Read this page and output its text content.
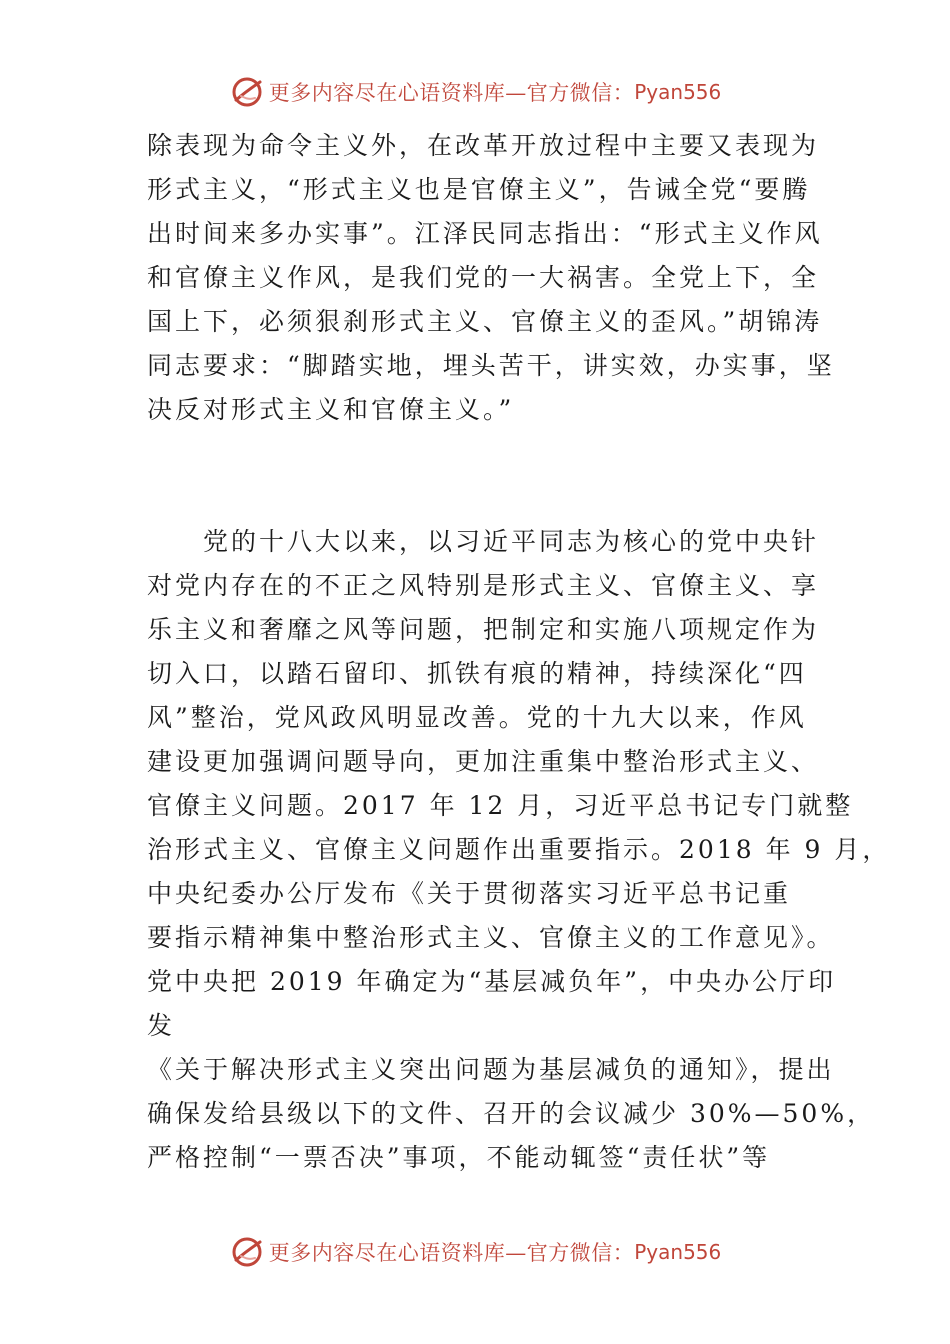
更多内容尽在心语资料库—官方微信： Pyan556
除表现为命令主义外，在改革开放过程中主要又表现为
形式主义，“形式主义也是官僚主义”，告诫全党“要腾
出时间来多办实事”。江泽民同志指出：“形式主义作风
和官僚主义作风，是我们党的一大祸害。全党上下，全
国上下，必须狠刹形式主义、官僚主义的歪风。”胡锦涛
同志要求：“脚踏实地，埋头苦干，讲实效，办实事，坚
决反对形式主义和官僚主义。”
　　党的十八大以来，以习近平同志为核心的党中央针
对党内存在的不正之风特别是形式主义、官僚主义、享
乐主义和奢靡之风等问题，把制定和实施八项规定作为
切入口，以踏石留印、抓铁有痕的精神，持续深化“四
风”整治，党风政风明显改善。党的十九大以来，作风
建设更加强调问题导向，更加注重集中整治形式主义、
官僚主义问题。2017 年 12 月，习近平总书记专门就整
治形式主义、官僚主义问题作出重要指示。2018 年 9 月，
中央纪委办公厅发布《关于贯彻落实习近平总书记重
要指示精神集中整治形式主义、官僚主义的工作意见》。
党中央把 2019 年确定为“基层减负年”，中央办公厅印
发
《关于解决形式主义突出问题为基层减负的通知》，提出
确保发给县级以下的文件、召开的会议减少 30%—50%，
严格控制“一票否决”事项，不能动辄签“责任状”等
更多内容尽在心语资料库—官方微信： Pyan556
